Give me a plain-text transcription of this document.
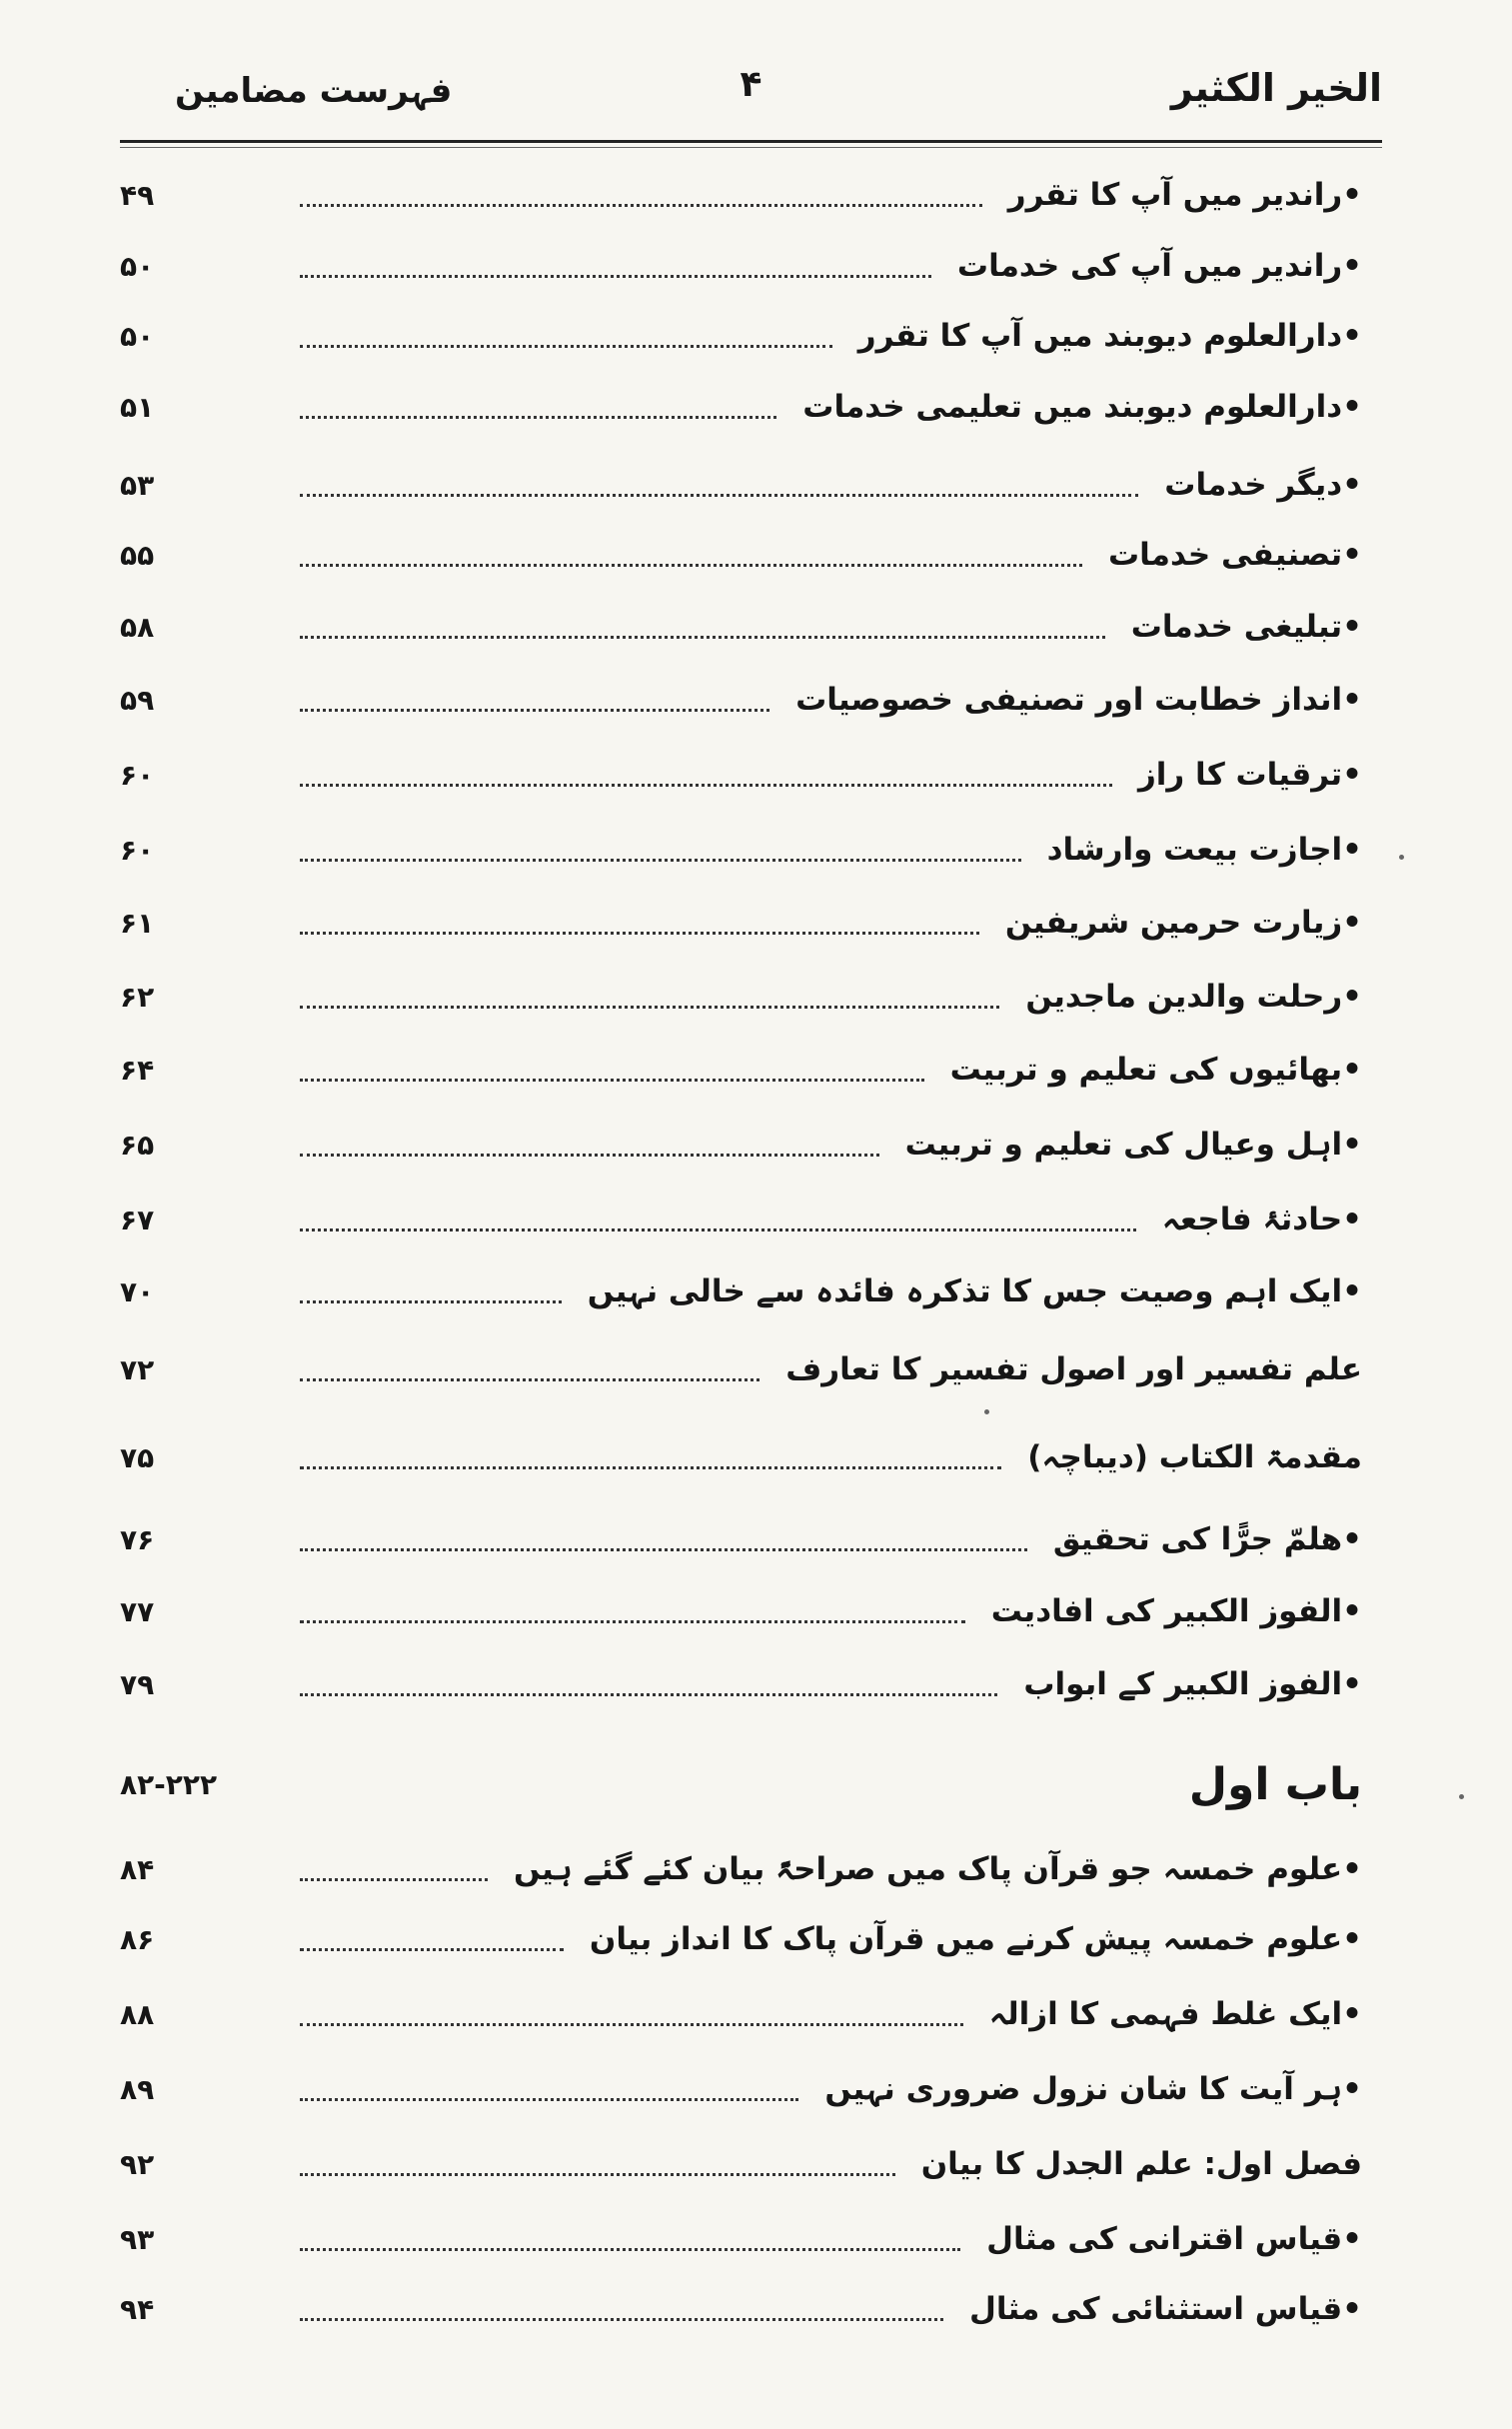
الخیر الکثیر
۴
فہرست مضامین
•راندیر میں آپ کا تقرر
۴۹
•راندیر میں آپ کی خدمات
۵۰
•دارالعلوم دیوبند میں آپ کا تقرر
۵۰
•دارالعلوم دیوبند میں تعلیمی خدمات
۵۱
•دیگر خدمات
۵۳
•تصنیفی خدمات
۵۵
•تبلیغی خدمات
۵۸
•انداز خطابت اور تصنیفی خصوصیات
۵۹
•ترقیات کا راز
۶۰
•اجازت بیعت وارشاد
۶۰
•زیارت حرمین شریفین
۶۱
•رحلت والدین ماجدین
۶۲
•بھائیوں کی تعلیم و تربیت
۶۴
•اہل وعیال کی تعلیم و تربیت
۶۵
•حادثۂ فاجعہ
۶۷
•ایک اہم وصیت جس کا تذکرہ فائدہ سے خالی نہیں
۷۰
علم تفسیر اور اصول تفسیر کا تعارف
۷۲
مقدمۃ الکتاب (دیباچہ)
۷۵
•ھلمّ جرًّا کی تحقیق
۷۶
•الفوز الکبیر کی افادیت
۷۷
•الفوز الکبیر کے ابواب
۷۹
باب اول
۸۲-۲۲۲
•علوم خمسہ جو قرآن پاک میں صراحۃً بیان کئے گئے ہیں
۸۴
•علوم خمسہ پیش کرنے میں قرآن پاک کا انداز بیان
۸۶
•ایک غلط فہمی کا ازالہ
۸۸
•ہر آیت کا شان نزول ضروری نہیں
۸۹
فصل اول: علم الجدل کا بیان
۹۲
•قیاس اقترانی کی مثال
۹۳
•قیاس استثنائی کی مثال
۹۴
